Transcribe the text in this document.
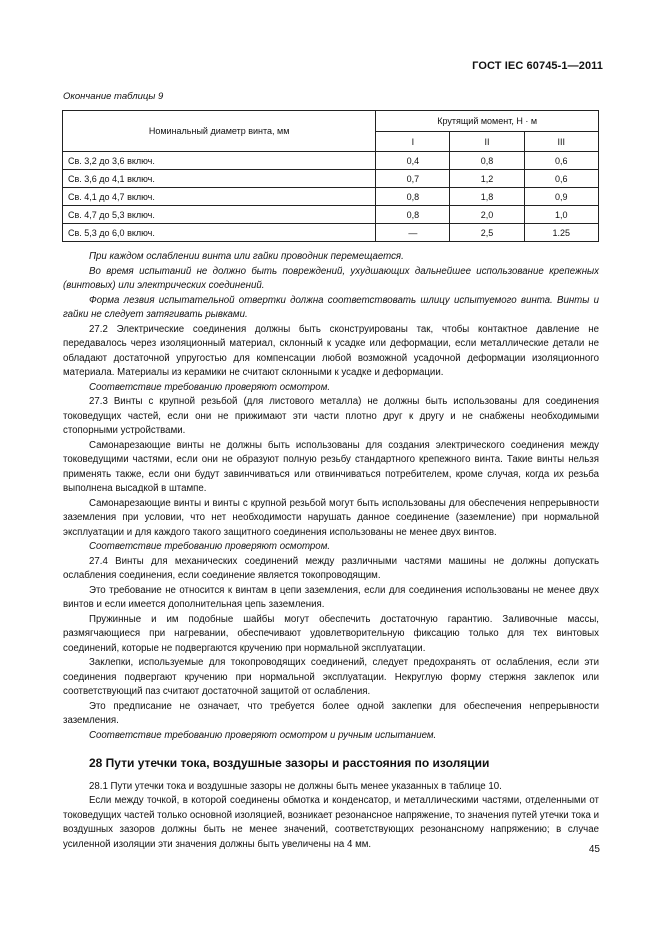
ГОСТ IEC 60745-1—2011
Окончание таблицы 9
Номинальный диаметр винта, мм	Крутящий момент, Н · м		
	I	II	III
Св. 3,2 до 3,6 включ.	0,4	0,8	0,6
Св. 3,6 до 4,1 включ.	0,7	1,2	0,6
Св. 4,1 до 4,7 включ.	0,8	1,8	0,9
Св. 4,7 до 5,3 включ.	0,8	2,0	1,0
Св. 5,3 до 6,0 включ.	—	2,5	1.25

При каждом ослаблении винта или гайки проводник перемещается.

Во время испытаний не должно быть повреждений, ухудшающих дальнейшее использование крепежных (винтовых) или электрических соединений.

Форма лезвия испытательной отвертки должна соответствовать шлицу испытуемого винта. Винты и гайки не следует затягивать рывками.

27.2 Электрические соединения должны быть сконструированы так, чтобы контактное давление не передавалось через изоляционный материал, склонный к усадке или деформации, если металлические детали не обладают достаточной упругостью для компенсации любой возможной усадочной деформации изоляционного материала. Материалы из керамики не считают склонными к усадке и деформации.

Соответствие требованию проверяют осмотром.

27.3 Винты с крупной резьбой (для листового металла) не должны быть использованы для соединения токоведущих частей, если они не прижимают эти части плотно друг к другу и не снабжены необходимыми стопорными устройствами.

Самонарезающие винты не должны быть использованы для создания электрического соединения между токоведущими частями, если они не образуют полную резьбу стандартного крепежного винта. Такие винты нельзя применять также, если они будут завинчиваться или отвинчиваться потребителем, кроме случая, когда их резьба выполнена высадкой в штампе.

Самонарезающие винты и винты с крупной резьбой могут быть использованы для обеспечения непрерывности заземления при условии, что нет необходимости нарушать данное соединение (заземление) при нормальной эксплуатации и для каждого такого защитного соединения использованы не менее двух винтов.

Соответствие требованию проверяют осмотром.

27.4 Винты для механических соединений между различными частями машины не должны допускать ослабления соединения, если соединение является токопроводящим.

Это требование не относится к винтам в цепи заземления, если для соединения использованы не менее двух винтов и если имеется дополнительная цепь заземления.

Пружинные и им подобные шайбы могут обеспечить достаточную гарантию. Заливочные массы, размягчающиеся при нагревании, обеспечивают удовлетворительную фиксацию только для тех винтовых соединений, которые не подвергаются кручению при нормальной эксплуатации.

Заклепки, используемые для токопроводящих соединений, следует предохранять от ослабления, если эти соединения подвергают кручению при нормальной эксплуатации. Некруглую форму стержня заклепок или соответствующий паз считают достаточной защитой от ослабления.

Это предписание не означает, что требуется более одной заклепки для обеспечения непрерывности заземления.

Соответствие требованию проверяют осмотром и ручным испытанием.

28 Пути утечки тока, воздушные зазоры и расстояния по изоляции

28.1 Пути утечки тока и воздушные зазоры не должны быть менее указанных в таблице 10.

Если между точкой, в которой соединены обмотка и конденсатор, и металлическими частями, отделенными от токоведущих частей только основной изоляцией, возникает резонансное напряжение, то значения путей утечки тока и воздушных зазоров должны быть не менее значений, соответствующих резонансному напряжению; в случае усиленной изоляции эти значения должны быть увеличены на 4 мм.	45
